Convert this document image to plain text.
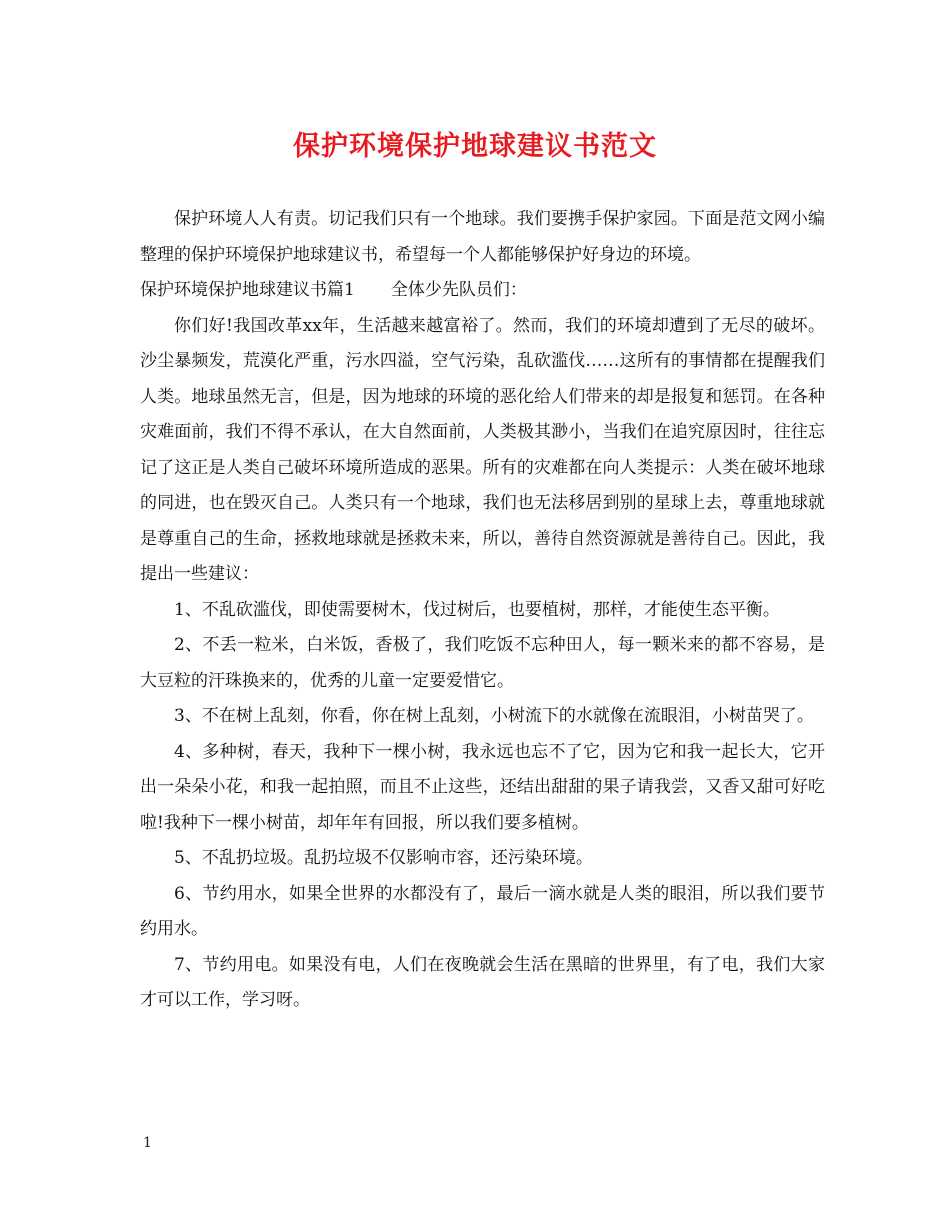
保护环境保护地球建议书范文

保护环境人人有责。切记我们只有一个地球。我们要携手保护家园。下面是范文网小编整理的保护环境保护地球建议书，希望每一个人都能够保护好身边的环境。

保护环境保护地球建议书篇1 全体少先队员们：

你们好!我国改革xx年，生活越来越富裕了。然而，我们的环境却遭到了无尽的破坏。沙尘暴频发，荒漠化严重，污水四溢，空气污染，乱砍滥伐……这所有的事情都在提醒我们人类。地球虽然无言，但是，因为地球的环境的恶化给人们带来的却是报复和惩罚。在各种灾难面前，我们不得不承认，在大自然面前，人类极其渺小，当我们在追究原因时，往往忘记了这正是人类自己破坏环境所造成的恶果。所有的灾难都在向人类提示：人类在破坏地球的同进，也在毁灭自己。人类只有一个地球，我们也无法移居到别的星球上去，尊重地球就是尊重自己的生命，拯救地球就是拯救未来，所以，善待自然资源就是善待自己。因此，我提出一些建议：

1、不乱砍滥伐，即使需要树木，伐过树后，也要植树，那样，才能使生态平衡。

2、不丢一粒米，白米饭，香极了，我们吃饭不忘种田人，每一颗米来的都不容易，是大豆粒的汗珠换来的，优秀的儿童一定要爱惜它。

3、不在树上乱刻，你看，你在树上乱刻，小树流下的水就像在流眼泪，小树苗哭了。

4、多种树，春天，我种下一棵小树，我永远也忘不了它，因为它和我一起长大，它开出一朵朵小花，和我一起拍照，而且不止这些，还结出甜甜的果子请我尝，又香又甜可好吃啦!我种下一棵小树苗，却年年有回报，所以我们要多植树。

5、不乱扔垃圾。乱扔垃圾不仅影响市容，还污染环境。

6、节约用水，如果全世界的水都没有了，最后一滴水就是人类的眼泪，所以我们要节约用水。

7、节约用电。如果没有电，人们在夜晚就会生活在黑暗的世界里，有了电，我们大家才可以工作，学习呀。

1
